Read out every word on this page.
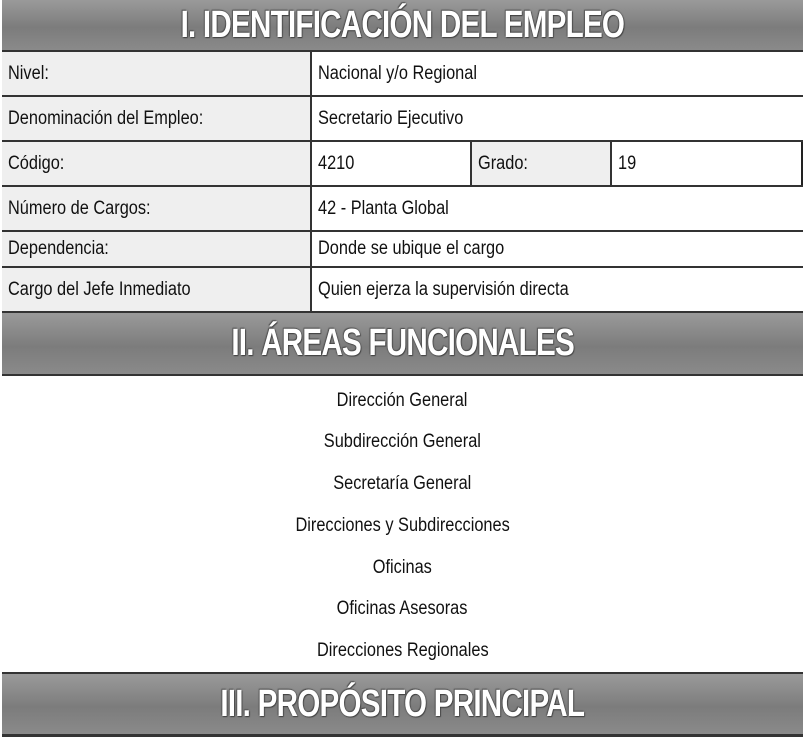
I. IDENTIFICACIÓN DEL EMPLEO
Nivel:	Nacional y/o Regional
Denominación del Empleo:	Secretario Ejecutivo
Código:	4210	Grado:	19
Número de Cargos:	42 - Planta Global
Dependencia:	Donde se ubique el cargo
Cargo del Jefe Inmediato	Quien ejerza la supervisión directa
II. ÁREAS FUNCIONALES
Dirección General
Subdirección General
Secretaría General
Direcciones y Subdirecciones
Oficinas
Oficinas Asesoras
Direcciones Regionales
III. PROPÓSITO PRINCIPAL
